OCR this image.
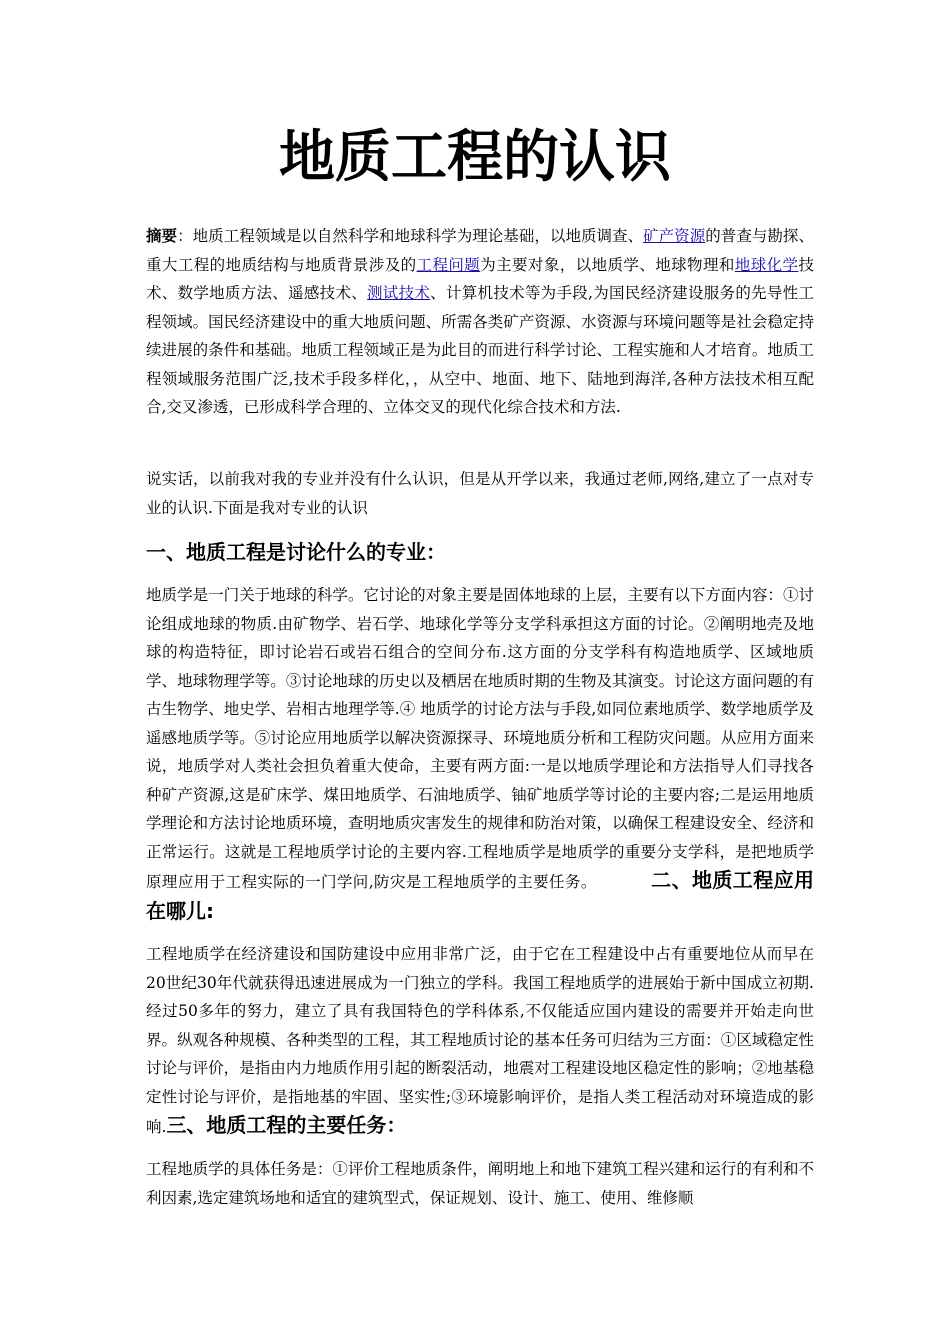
地质工程的认识

摘要：地质工程领域是以自然科学和地球科学为理论基础，以地质调查、矿产资源的普查与勘探、重大工程的地质结构与地质背景涉及的工程问题为主要对象，以地质学、地球物理和地球化学技术、数学地质方法、遥感技术、测试技术、计算机技术等为手段,为国民经济建设服务的先导性工程领域。国民经济建设中的重大地质问题、所需各类矿产资源、水资源与环境问题等是社会稳定持续进展的条件和基础。地质工程领域正是为此目的而进行科学讨论、工程实施和人才培育。地质工程领域服务范围广泛,技术手段多样化，，从空中、地面、地下、陆地到海洋,各种方法技术相互配合,交叉渗透，已形成科学合理的、立体交叉的现代化综合技术和方法.

说实话，以前我对我的专业并没有什么认识，但是从开学以来，我通过老师,网络,建立了一点对专业的认识.下面是我对专业的认识

一、地质工程是讨论什么的专业：

地质学是一门关于地球的科学。它讨论的对象主要是固体地球的上层，主要有以下方面内容：①讨论组成地球的物质.由矿物学、岩石学、地球化学等分支学科承担这方面的讨论。②阐明地壳及地球的构造特征，即讨论岩石或岩石组合的空间分布.这方面的分支学科有构造地质学、区域地质学、地球物理学等。③讨论地球的历史以及栖居在地质时期的生物及其演变。讨论这方面问题的有古生物学、地史学、岩相古地理学等.④ 地质学的讨论方法与手段,如同位素地质学、数学地质学及遥感地质学等。⑤讨论应用地质学以解决资源探寻、环境地质分析和工程防灾问题。从应用方面来说，地质学对人类社会担负着重大使命，主要有两方面:一是以地质学理论和方法指导人们寻找各种矿产资源,这是矿床学、煤田地质学、石油地质学、铀矿地质学等讨论的主要内容;二是运用地质学理论和方法讨论地质环境，查明地质灾害发生的规律和防治对策，以确保工程建设安全、经济和正常运行。这就是工程地质学讨论的主要内容.工程地质学是地质学的重要分支学科，是把地质学原理应用于工程实际的一门学问,防灾是工程地质学的主要任务。	二、地质工程应用在哪儿:

工程地质学在经济建设和国防建设中应用非常广泛，由于它在工程建设中占有重要地位从而早在20世纪30年代就获得迅速进展成为一门独立的学科。我国工程地质学的进展始于新中国成立初期.经过50多年的努力，建立了具有我国特色的学科体系,不仅能适应国内建设的需要并开始走向世界。纵观各种规模、各种类型的工程，其工程地质讨论的基本任务可归结为三方面：①区域稳定性讨论与评价，是指由内力地质作用引起的断裂活动，地震对工程建设地区稳定性的影响；②地基稳定性讨论与评价，是指地基的牢固、坚实性;③环境影响评价，是指人类工程活动对环境造成的影响.三、地质工程的主要任务：

工程地质学的具体任务是：①评价工程地质条件，阐明地上和地下建筑工程兴建和运行的有利和不利因素,选定建筑场地和适宜的建筑型式，保证规划、设计、施工、使用、维修顺
